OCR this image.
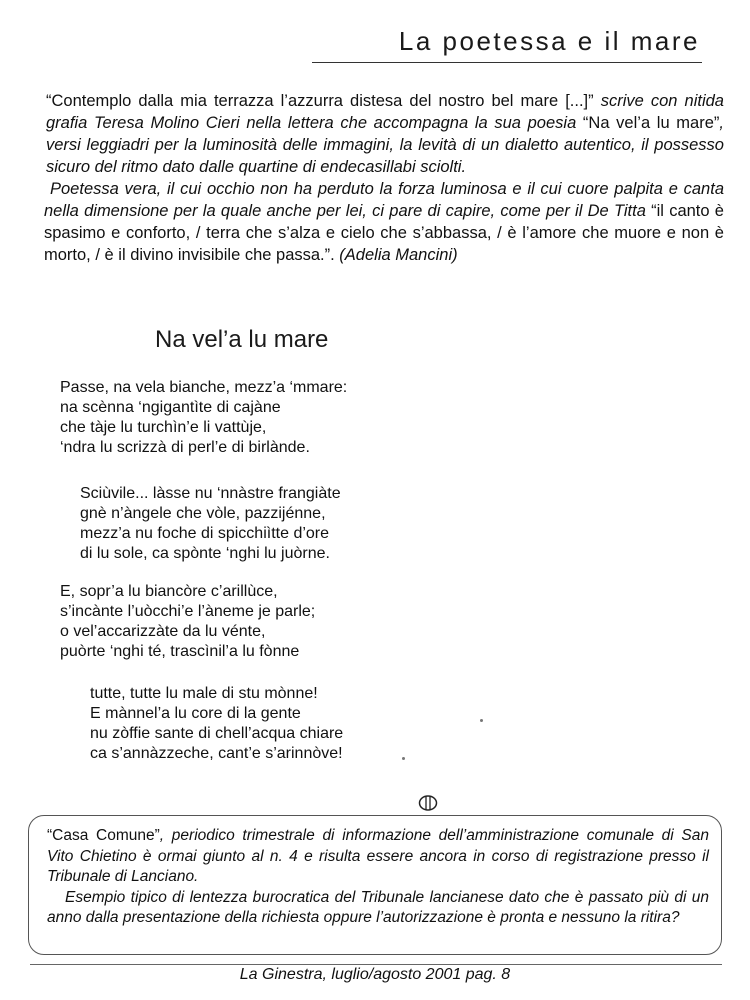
La poetessa e il mare

“Contemplo dalla mia terrazza l’azzurra distesa del nostro bel mare [...]” scrive con nitida grafia Teresa Molino Cieri nella lettera che accompagna la sua poesia “Na vel’a lu mare”, versi leggiadri per la luminosità delle immagini, la levità di un dialetto autentico, il possesso sicuro del ritmo dato dalle quartine di endecasillabi sciolti.

Poetessa vera, il cui occhio non ha perduto la forza luminosa e il cui cuore palpita e canta nella dimensione per la quale anche per lei, ci pare di capire, come per il De Titta “il canto è spasimo e conforto, / terra che s’alza e cielo che s’abbassa, / è l’amore che muore e non è morto, / è il divino invisibile che passa.”. (Adelia Mancini)

Na vel’a lu mare
Passe, na vela bianche, mezz’a ‘mmare:
na scènna ‘ngigantìte di cajàne
che tàje lu turchìn’e li vattùje,
‘ndra lu scrizzà di perl’e di birlànde.
Sciùvile... làsse nu ‘nnàstre frangiàte
gnè n’àngele che vòle, pazzijénne,
mezz’a nu foche di spicchiìtte d’ore
di lu sole, ca spònte ‘nghi lu juòrne.
E, sopr’a lu biancòre c’arillùce,
s’incànte l’uòcchi’e l’àneme je parle;
o vel’accarizzàte da lu vénte,
puòrte ‘nghi té, trascìnil’a lu fònne
tutte, tutte lu male di stu mònne!
E mànnel’a lu core di la gente
nu zòffie sante di chell’acqua chiare
ca s’annàzzeche, cant’e s’arinnòve!

“Casa Comune”, periodico trimestrale di informazione dell’amministrazione comunale di San Vito Chietino è ormai giunto al n. 4 e risulta essere ancora in corso di registrazione presso il Tribunale di Lanciano.

Esempio tipico di lentezza burocratica del Tribunale lancianese dato che è passato più di un anno dalla presentazione della richiesta oppure l’autorizzazione è pronta e nessuno la ritira?

La Ginestra, luglio/agosto 2001 pag. 8
